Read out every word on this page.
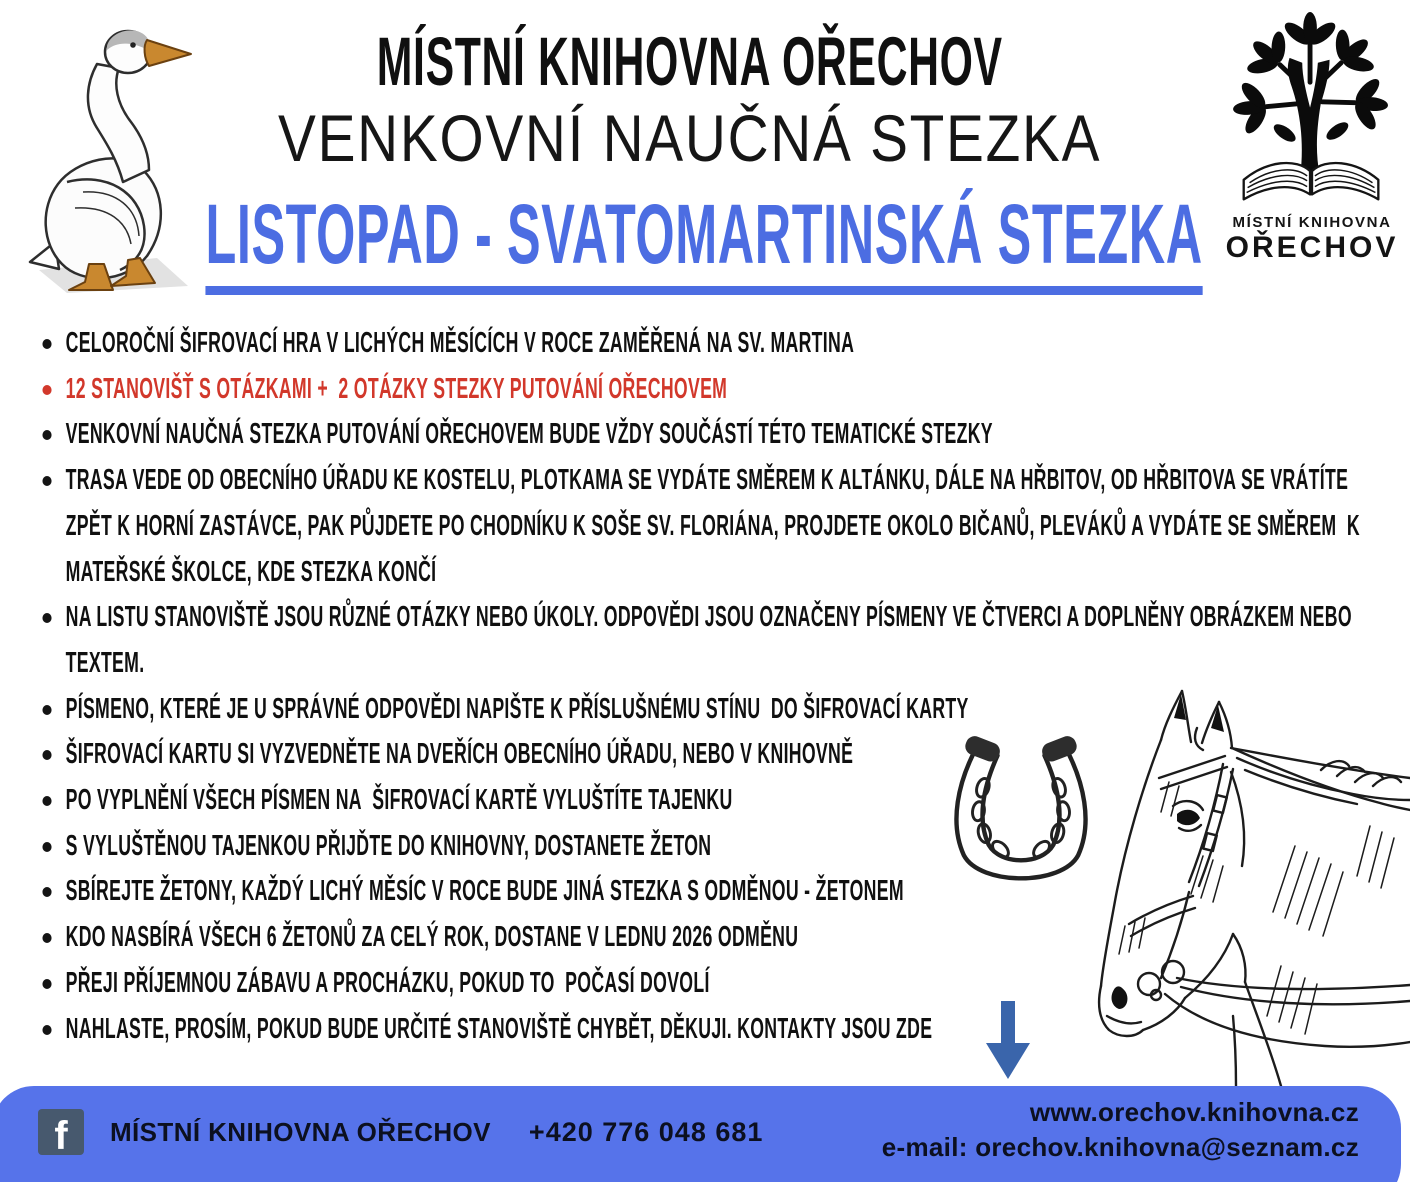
MÍSTNÍ KNIHOVNA
OŘECHOV
MÍSTNÍ KNIHOVNA OŘECHOV
VENKOVNÍ NAUČNÁ STEZKA
LISTOPAD - SVATOMARTINSKÁ STEZKA
CELOROČNÍ ŠIFROVACÍ HRA V LICHÝCH MĚSÍCÍCH V ROCE ZAMĚŘENÁ NA SV. MARTINA
12 STANOVIŠŤ S OTÁZKAMI +  2 OTÁZKY STEZKY PUTOVÁNÍ OŘECHOVEM
VENKOVNÍ NAUČNÁ STEZKA PUTOVÁNÍ OŘECHOVEM BUDE VŽDY SOUČÁSTÍ TÉTO TEMATICKÉ STEZKY
TRASA VEDE OD OBECNÍHO ÚŘADU KE KOSTELU, PLOTKAMA SE VYDÁTE SMĚREM K ALTÁNKU, DÁLE NA HŘBITOV, OD HŘBITOVA SE VRÁTÍTE ZPĚT K HORNÍ ZASTÁVCE, PAK PŮJDETE PO CHODNÍKU K SOŠE SV. FLORIÁNA, PROJDETE OKOLO BIČANŮ, PLEVÁKŮ A VYDÁTE SE SMĚREM  K MATEŘSKÉ ŠKOLCE, KDE STEZKA KONČÍ
NA LISTU STANOVIŠTĚ JSOU RŮZNÉ OTÁZKY NEBO ÚKOLY. ODPOVĚDI JSOU OZNAČENY PÍSMENY VE ČTVERCI A DOPLNĚNY OBRÁZKEM NEBO TEXTEM.
PÍSMENO, KTERÉ JE U SPRÁVNÉ ODPOVĚDI NAPIŠTE K PŘÍSLUŠNÉMU STÍNU  DO ŠIFROVACÍ KARTY
ŠIFROVACÍ KARTU SI VYZVEDNĚTE NA DVEŘÍCH OBECNÍHO ÚŘADU, NEBO V KNIHOVNĚ
PO VYPLNĚNÍ VŠECH PÍSMEN NA  ŠIFROVACÍ KARTĚ VYLUŠTÍTE TAJENKU
S VYLUŠTĚNOU TAJENKOU PŘIJĎTE DO KNIHOVNY, DOSTANETE ŽETON
SBÍREJTE ŽETONY, KAŽDÝ LICHÝ MĚSÍC V ROCE BUDE JINÁ STEZKA S ODMĚNOU - ŽETONEM
KDO NASBÍRÁ VŠECH 6 ŽETONŮ ZA CELÝ ROK, DOSTANE V LEDNU 2026 ODMĚNU
PŘEJI PŘÍJEMNOU ZÁBAVU A PROCHÁZKU, POKUD TO  POČASÍ DOVOLÍ
NAHLASTE, PROSÍM, POKUD BUDE URČITÉ STANOVIŠTĚ CHYBĚT, DĚKUJI. KONTAKTY JSOU ZDE
f MÍSTNÍ KNIHOVNA OŘECHOV +420 776 048 681
www.orechov.knihovna.cz
e-mail: orechov.knihovna@seznam.cz
